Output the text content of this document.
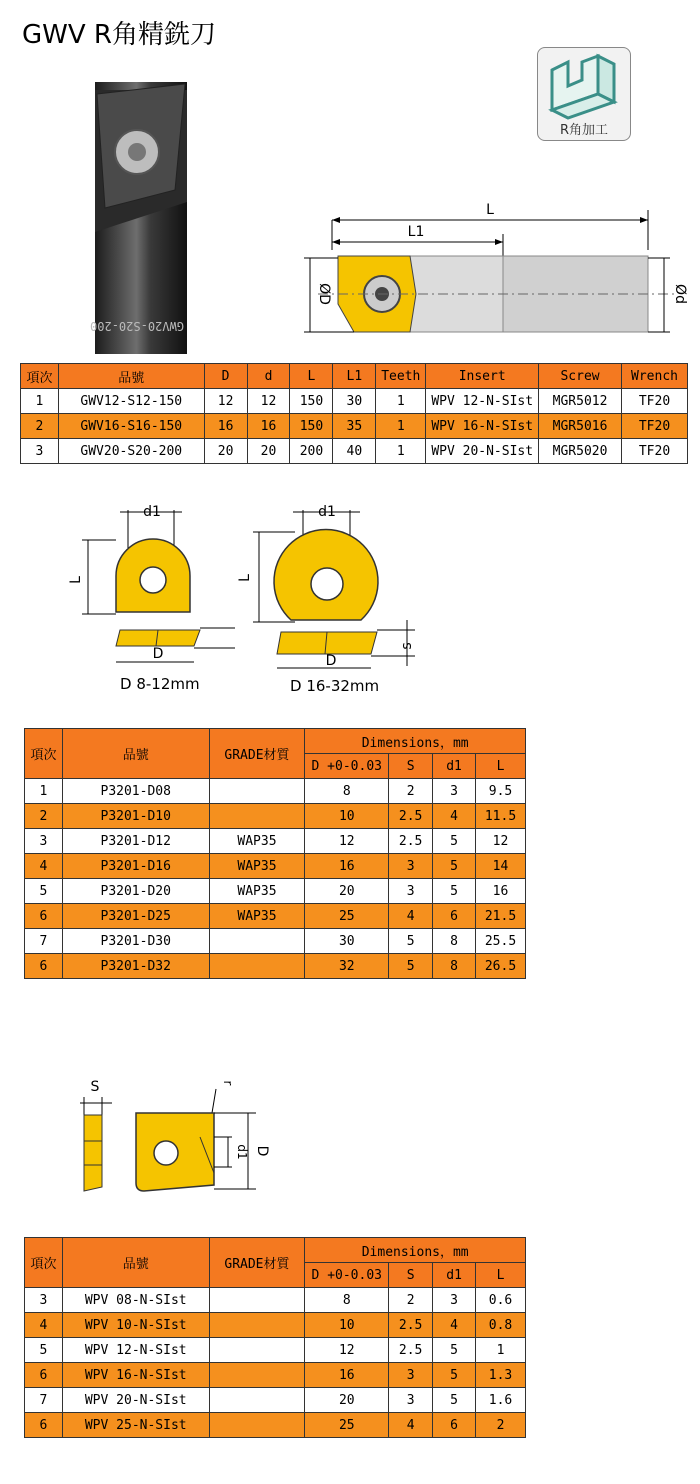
GWV R角精銑刀
R角加工
GWV20-S20-200
L
L1
ØD	Ød
項次	品號	D	d	L	L1	Teeth	Insert	Screw	Wrench
1	GWV12-S12-150	12	12	150	30	1	WPV 12-N-SIst	MGR5012	TF20
2	GWV16-S16-150	16	16	150	35	1	WPV 16-N-SIst	MGR5016	TF20
3	GWV20-S20-200	20	20	200	40	1	WPV 20-N-SIst	MGR5020	TF20
d1
L
D
D 8-12mm
d1
L
s
D
D 16-32mm
項次	品號	GRADE材質	Dimensions，mm			
			D +0-0.03	S	d1	L
1	P3201-D08		8	2	3	9.5
2	P3201-D10		10	2.5	4	11.5
3	P3201-D12	WAP35	12	2.5	5	12
4	P3201-D16	WAP35	16	3	5	14
5	P3201-D20	WAP35	20	3	5	16
6	P3201-D25	WAP35	25	4	6	21.5
7	P3201-D30		30	5	8	25.5
6	P3201-D32		32	5	8	26.5
S	r
d1 D
項次	品號	GRADE材質	Dimensions，mm			
			D +0-0.03	S	d1	L
3	WPV 08-N-SIst		8	2	3	0.6
4	WPV 10-N-SIst		10	2.5	4	0.8
5	WPV 12-N-SIst		12	2.5	5	1
6	WPV 16-N-SIst		16	3	5	1.3
7	WPV 20-N-SIst		20	3	5	1.6
6	WPV 25-N-SIst		25	4	6	2
